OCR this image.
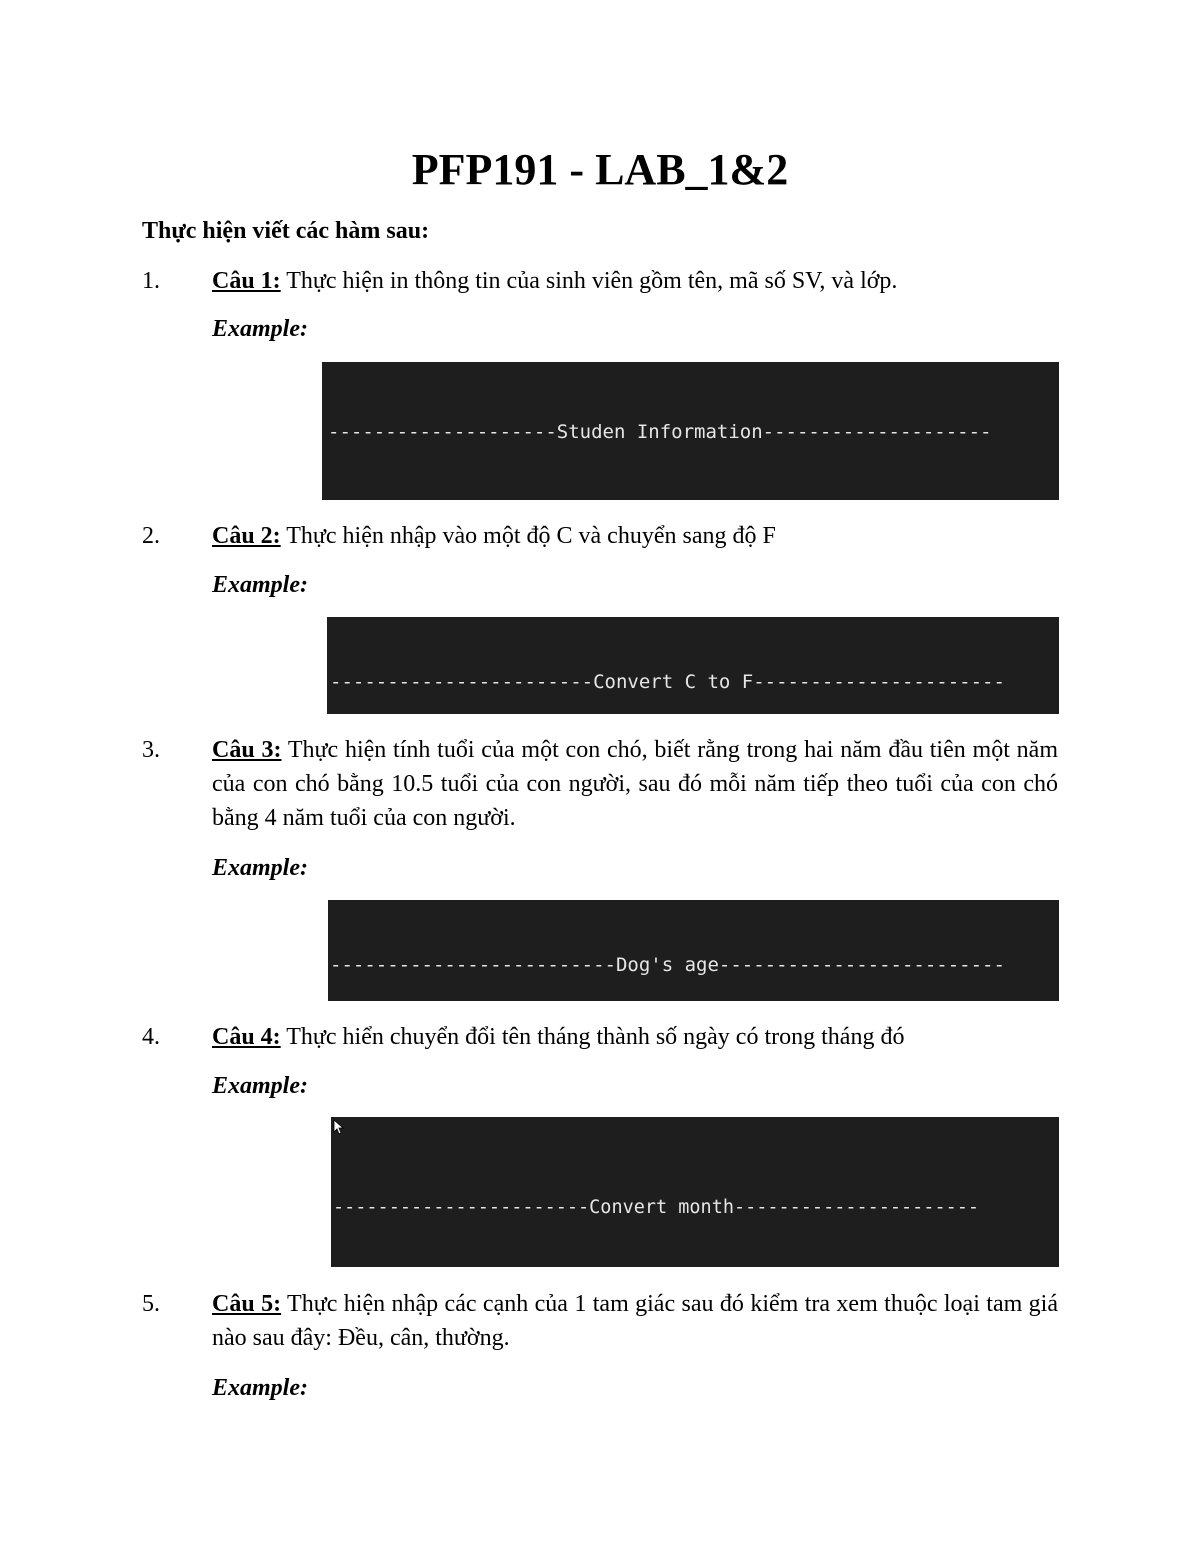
PFP191 - LAB_1&2
Thực hiện viết các hàm sau:
1. Câu 1: Thực hiện in thông tin của sinh viên gồm tên, mã số SV, và lớp.
Example:

--------------------Studen Information--------------------

2. Câu 2: Thực hiện nhập vào một độ C và chuyển sang độ F
Example:

-----------------------Convert C to F----------------------

3. Câu 3: Thực hiện tính tuổi của một con chó, biết rằng trong hai năm đầu tiên một năm của con chó bằng 10.5 tuổi của con người, sau đó mỗi năm tiếp theo tuổi của con chó bằng 4 năm tuổi của con người.
Example:

-------------------------Dog's age-------------------------

4. Câu 4: Thực hiển chuyển đổi tên tháng thành số ngày có trong tháng đó
Example:

-----------------------Convert month----------------------

5. Câu 5: Thực hiện nhập các cạnh của 1 tam giác sau đó kiểm tra xem thuộc loại tam giá nào sau đây: Đều, cân, thường.
Example:
